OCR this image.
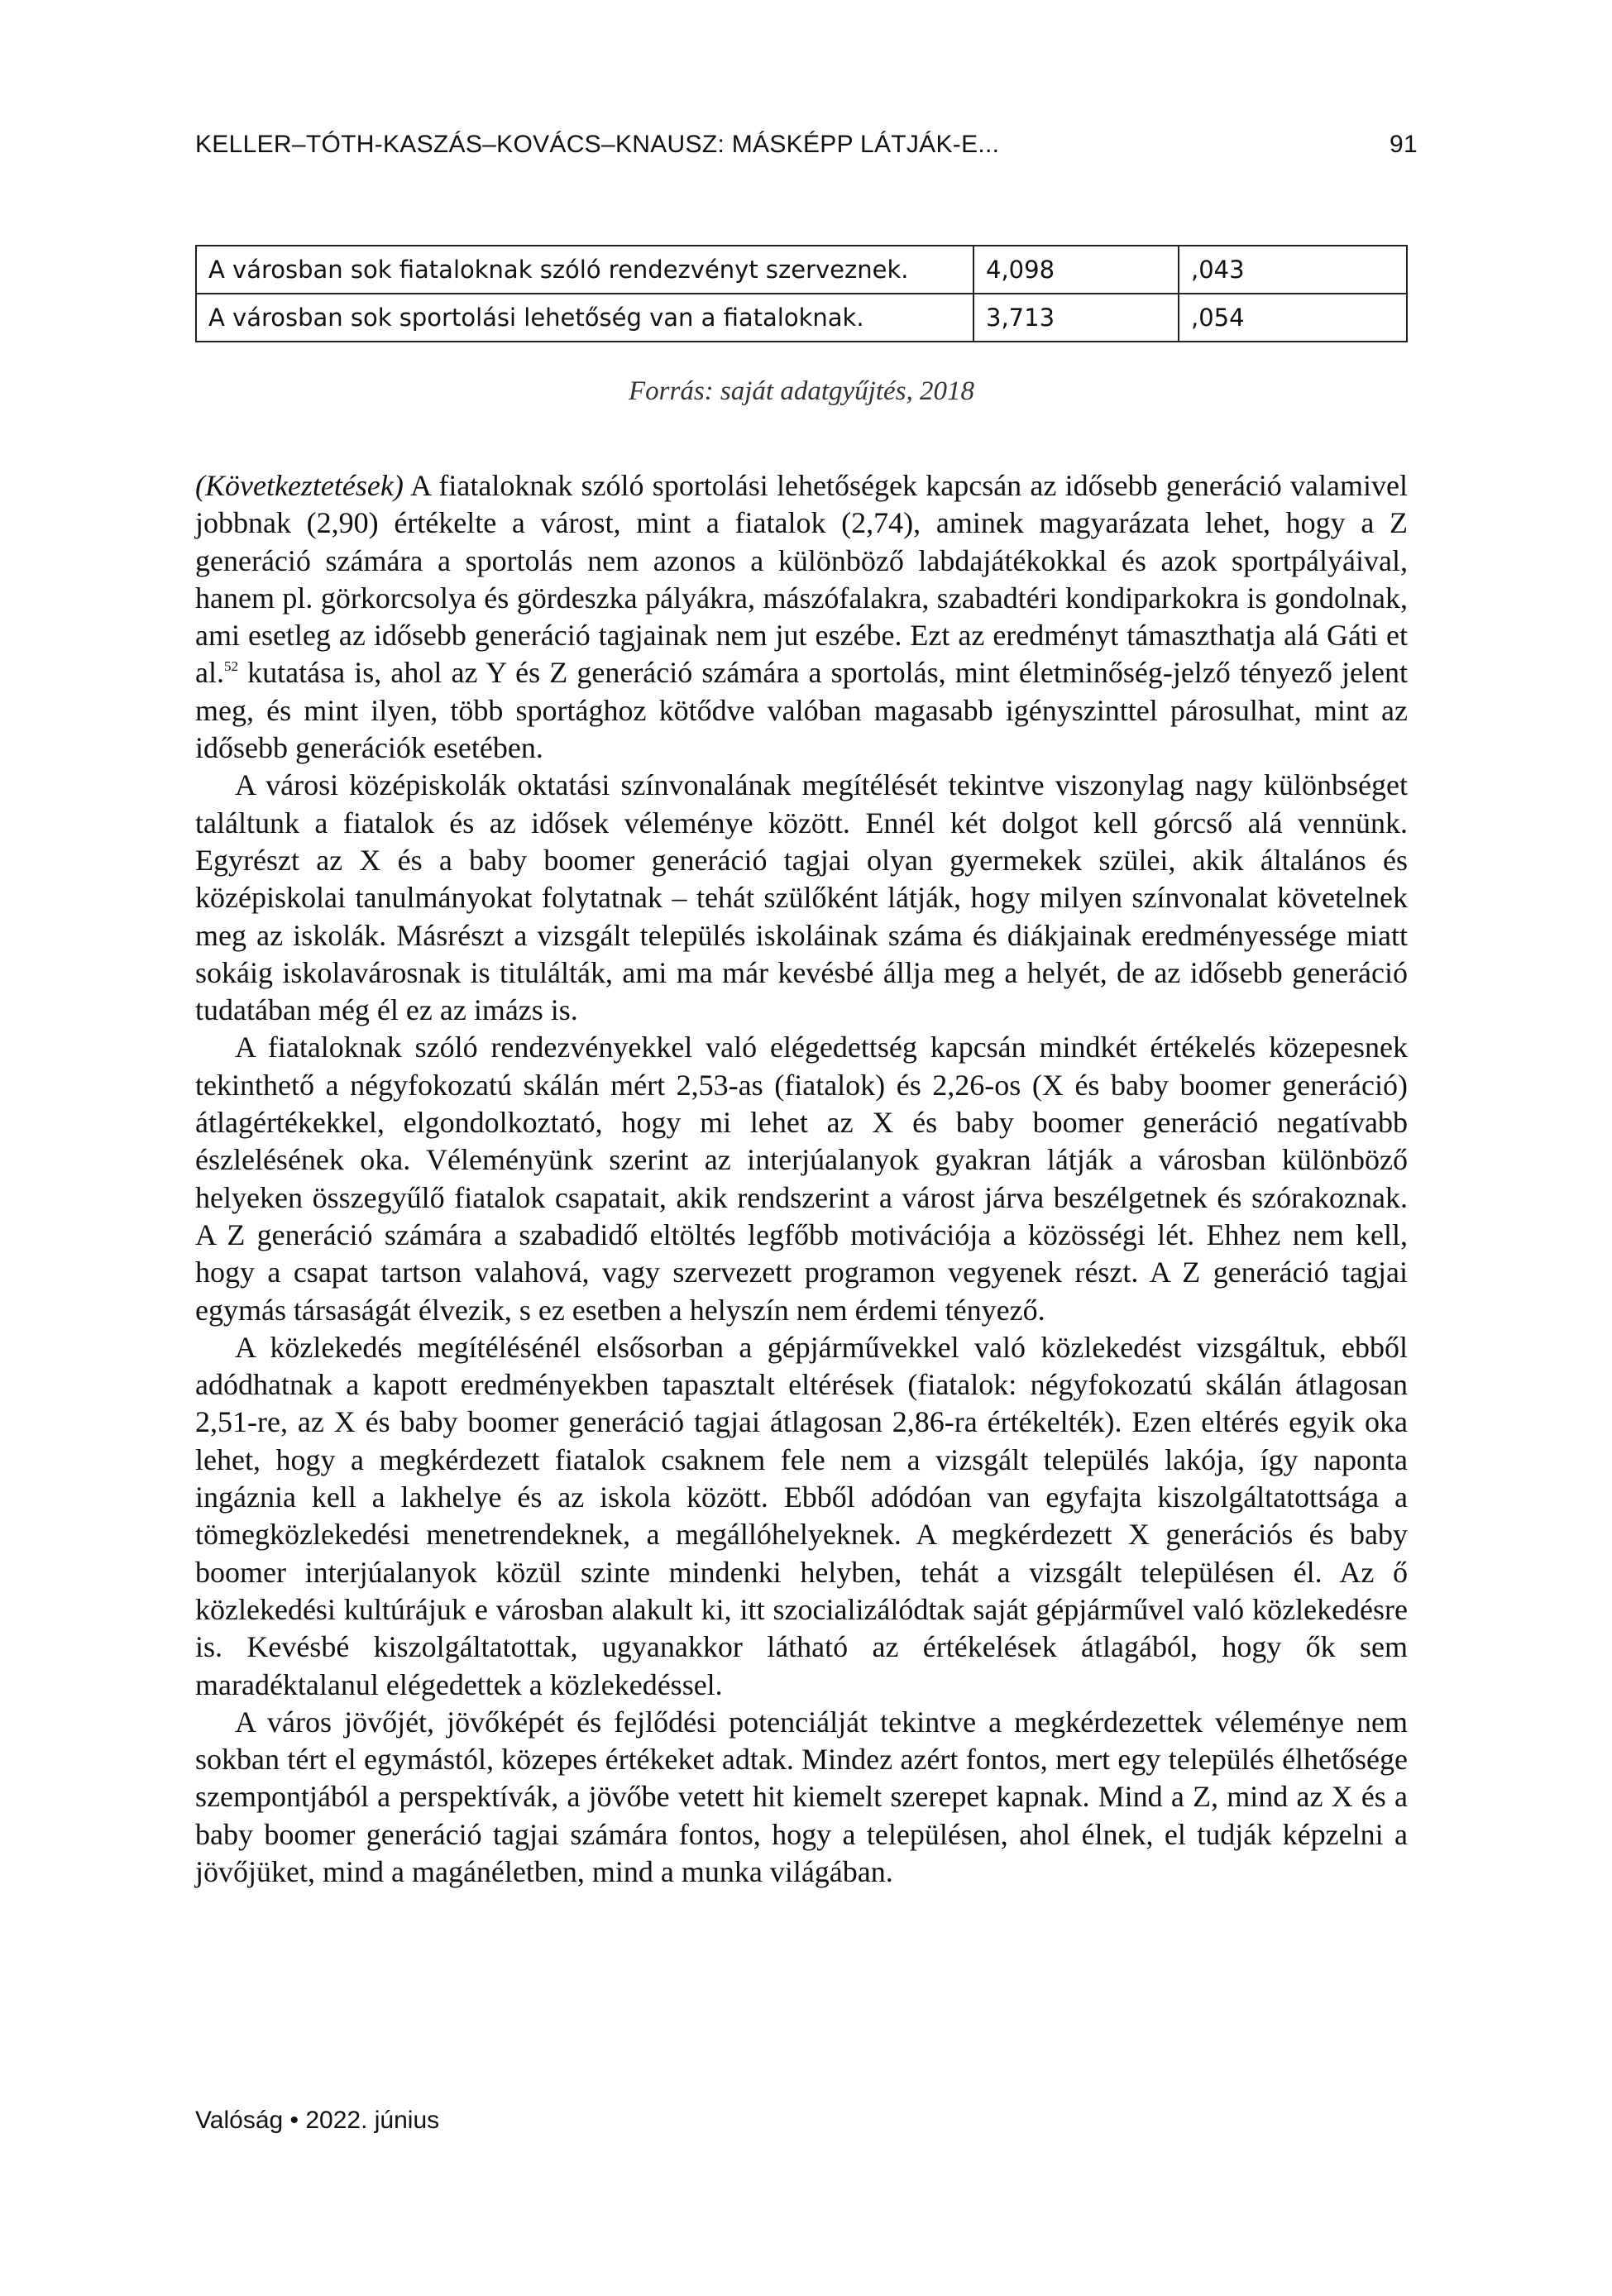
KELLER–TÓTH-KASZÁS–KOVÁCS–KNAUSZ: MÁSKÉPP LÁTJÁK-E...	91
A városban sok fiataloknak szóló rendezvényt szerveznek.	4,098	,043
A városban sok sportolási lehetőség van a fiataloknak.	3,713	,054
Forrás: saját adatgyűjtés, 2018

(Következtetések) A fiataloknak szóló sportolási lehetőségek kapcsán az idősebb generáció valamivel jobbnak (2,90) értékelte a várost, mint a fiatalok (2,74), aminek magyarázata lehet, hogy a Z generáció számára a sportolás nem azonos a különböző labdajátékokkal és azok sportpályáival, hanem pl. görkorcsolya és gördeszka pályákra, mászófalakra, szabadtéri kondiparkokra is gondolnak, ami esetleg az idősebb generáció tagjainak nem jut eszébe. Ezt az eredményt támaszthatja alá Gáti et al.$^{52}$ kutatása is, ahol az Y és Z generáció számára a sportolás, mint életminőség-jelző tényező jelent meg, és mint ilyen, több sportághoz kötődve valóban magasabb igényszinttel párosulhat, mint az idősebb generációk esetében.

A városi középiskolák oktatási színvonalának megítélését tekintve viszonylag nagy különbséget találtunk a fiatalok és az idősek véleménye között. Ennél két dolgot kell górcső alá vennünk. Egyrészt az X és a baby boomer generáció tagjai olyan gyermekek szülei, akik általános és középiskolai tanulmányokat folytatnak – tehát szülőként látják, hogy milyen színvonalat követelnek meg az iskolák. Másrészt a vizsgált település iskoláinak száma és diákjainak eredményessége miatt sokáig iskolavárosnak is titulálták, ami ma már kevésbé állja meg a helyét, de az idősebb generáció tudatában még él ez az imázs is.

A fiataloknak szóló rendezvényekkel való elégedettség kapcsán mindkét értékelés közepesnek tekinthető a négyfokozatú skálán mért 2,53-as (fiatalok) és 2,26-os (X és baby boomer generáció) átlagértékekkel, elgondolkoztató, hogy mi lehet az X és baby boomer generáció negatívabb észlelésének oka. Véleményünk szerint az interjúalanyok gyakran látják a városban különböző helyeken összegyűlő fiatalok csapatait, akik rendszerint a várost járva beszélgetnek és szórakoznak. A Z generáció számára a szabadidő eltöltés legfőbb motivációja a közösségi lét. Ehhez nem kell, hogy a csapat tartson valahová, vagy szervezett programon vegyenek részt. A Z generáció tagjai egymás társaságát élvezik, s ez esetben a helyszín nem érdemi tényező.

A közlekedés megítélésénél elsősorban a gépjárművekkel való közlekedést vizsgáltuk, ebből adódhatnak a kapott eredményekben tapasztalt eltérések (fiatalok: négyfokozatú skálán átlagosan 2,51-re, az X és baby boomer generáció tagjai átlagosan 2,86-ra értékelték). Ezen eltérés egyik oka lehet, hogy a megkérdezett fiatalok csaknem fele nem a vizsgált település lakója, így naponta ingáznia kell a lakhelye és az iskola között. Ebből adódóan van egyfajta kiszolgáltatottsága a tömegközlekedési menetrendeknek, a megállóhelyeknek. A megkérdezett X generációs és baby boomer interjúalanyok közül szinte mindenki helyben, tehát a vizsgált településen él. Az ő közlekedési kultúrájuk e városban alakult ki, itt szocializálódtak saját gépjárművel való közlekedésre is. Kevésbé kiszolgáltatottak, ugyanakkor látható az értékelések átlagából, hogy ők sem maradéktalanul elégedettek a közlekedéssel.

A város jövőjét, jövőképét és fejlődési potenciálját tekintve a megkérdezettek véleménye nem sokban tért el egymástól, közepes értékeket adtak. Mindez azért fontos, mert egy település élhetősége szempontjából a perspektívák, a jövőbe vetett hit kiemelt szerepet kapnak. Mind a Z, mind az X és a baby boomer generáció tagjai számára fontos, hogy a településen, ahol élnek, el tudják képzelni a jövőjüket, mind a magánéletben, mind a munka világában.

Valóság • 2022. június
